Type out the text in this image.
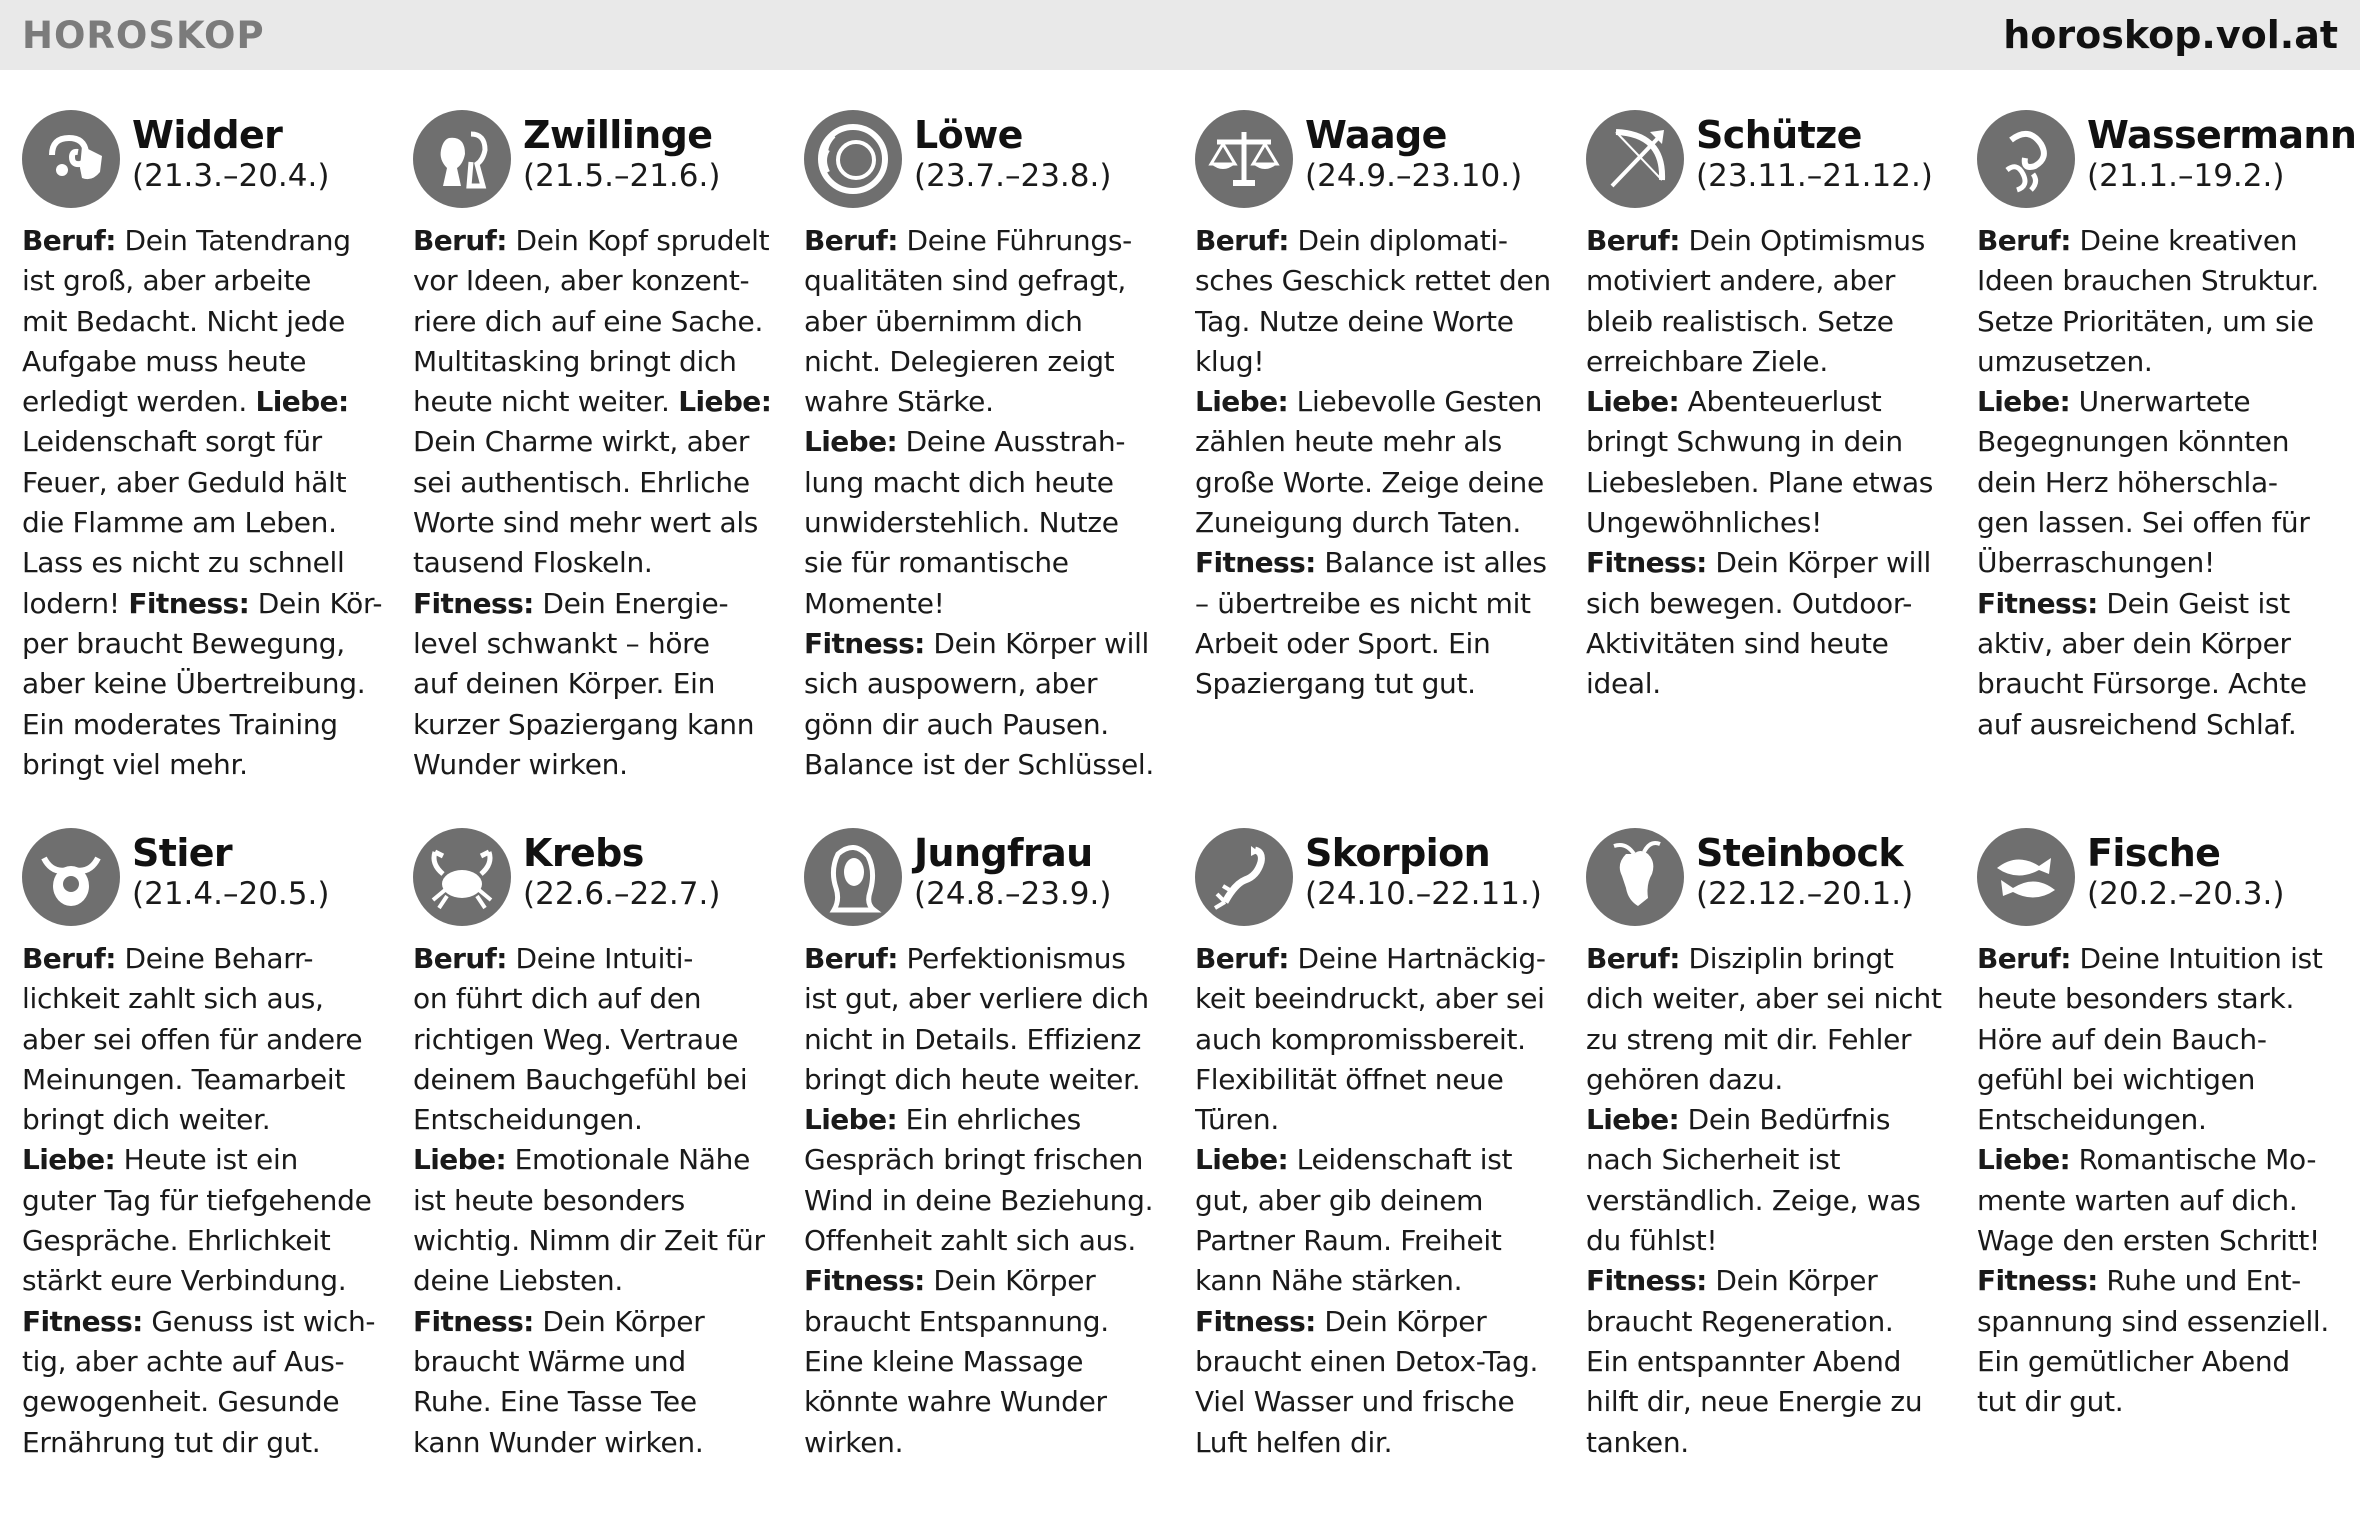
HOROSKOP	horoskop.vol.at
Widder
(21.3.–20.4.)
Beruf: Dein Tatendrang
ist groß, aber arbeite
mit Bedacht. Nicht jede
Aufgabe muss heute
erledigt werden. Liebe:
Leidenschaft sorgt für
Feuer, aber Geduld hält
die Flamme am Leben.
Lass es nicht zu schnell
lodern! Fitness: Dein Kör-
per braucht Bewegung,
aber keine Übertreibung.
Ein moderates Training
bringt viel mehr.
Zwillinge
(21.5.–21.6.)
Beruf: Dein Kopf sprudelt
vor Ideen, aber konzent-
riere dich auf eine Sache.
Multitasking bringt dich
heute nicht weiter. Liebe:
Dein Charme wirkt, aber
sei authentisch. Ehrliche
Worte sind mehr wert als
tausend Floskeln.
Fitness: Dein Energie-
level schwankt – höre
auf deinen Körper. Ein
kurzer Spaziergang kann
Wunder wirken.
Löwe
(23.7.–23.8.)
Beruf: Deine Führungs-
qualitäten sind gefragt,
aber übernimm dich
nicht. Delegieren zeigt
wahre Stärke.
Liebe: Deine Ausstrah-
lung macht dich heute
unwiderstehlich. Nutze
sie für romantische
Momente!
Fitness: Dein Körper will
sich auspowern, aber
gönn dir auch Pausen.
Balance ist der Schlüssel.
Waage
(24.9.–23.10.)
Beruf: Dein diplomati-
sches Geschick rettet den
Tag. Nutze deine Worte
klug!
Liebe: Liebevolle Gesten
zählen heute mehr als
große Worte. Zeige deine
Zuneigung durch Taten.
Fitness: Balance ist alles
– übertreibe es nicht mit
Arbeit oder Sport. Ein
Spaziergang tut gut.
Schütze
(23.11.–21.12.)
Beruf: Dein Optimismus
motiviert andere, aber
bleib realistisch. Setze
erreichbare Ziele.
Liebe: Abenteuerlust
bringt Schwung in dein
Liebesleben. Plane etwas
Ungewöhnliches!
Fitness: Dein Körper will
sich bewegen. Outdoor-
Aktivitäten sind heute
ideal.
Wassermann
(21.1.–19.2.)
Beruf: Deine kreativen
Ideen brauchen Struktur.
Setze Prioritäten, um sie
umzusetzen.
Liebe: Unerwartete
Begegnungen könnten
dein Herz höherschla-
gen lassen. Sei offen für
Überraschungen!
Fitness: Dein Geist ist
aktiv, aber dein Körper
braucht Fürsorge. Achte
auf ausreichend Schlaf.
Stier
(21.4.–20.5.)
Beruf: Deine Beharr-
lichkeit zahlt sich aus,
aber sei offen für andere
Meinungen. Teamarbeit
bringt dich weiter.
Liebe: Heute ist ein
guter Tag für tiefgehende
Gespräche. Ehrlichkeit
stärkt eure Verbindung.
Fitness: Genuss ist wich-
tig, aber achte auf Aus-
gewogenheit. Gesunde
Ernährung tut dir gut.
Krebs
(22.6.–22.7.)
Beruf: Deine Intuiti-
on führt dich auf den
richtigen Weg. Vertraue
deinem Bauchgefühl bei
Entscheidungen.
Liebe: Emotionale Nähe
ist heute besonders
wichtig. Nimm dir Zeit für
deine Liebsten.
Fitness: Dein Körper
braucht Wärme und
Ruhe. Eine Tasse Tee
kann Wunder wirken.
Jungfrau
(24.8.–23.9.)
Beruf: Perfektionismus
ist gut, aber verliere dich
nicht in Details. Effizienz
bringt dich heute weiter.
Liebe: Ein ehrliches
Gespräch bringt frischen
Wind in deine Beziehung.
Offenheit zahlt sich aus.
Fitness: Dein Körper
braucht Entspannung.
Eine kleine Massage
könnte wahre Wunder
wirken.
Skorpion
(24.10.–22.11.)
Beruf: Deine Hartnäckig-
keit beeindruckt, aber sei
auch kompromissbereit.
Flexibilität öffnet neue
Türen.
Liebe: Leidenschaft ist
gut, aber gib deinem
Partner Raum. Freiheit
kann Nähe stärken.
Fitness: Dein Körper
braucht einen Detox-Tag.
Viel Wasser und frische
Luft helfen dir.
Steinbock
(22.12.–20.1.)
Beruf: Disziplin bringt
dich weiter, aber sei nicht
zu streng mit dir. Fehler
gehören dazu.
Liebe: Dein Bedürfnis
nach Sicherheit ist
verständlich. Zeige, was
du fühlst!
Fitness: Dein Körper
braucht Regeneration.
Ein entspannter Abend
hilft dir, neue Energie zu
tanken.
Fische
(20.2.–20.3.)
Beruf: Deine Intuition ist
heute besonders stark.
Höre auf dein Bauch-
gefühl bei wichtigen
Entscheidungen.
Liebe: Romantische Mo-
mente warten auf dich.
Wage den ersten Schritt!
Fitness: Ruhe und Ent-
spannung sind essenziell.
Ein gemütlicher Abend
tut dir gut.
